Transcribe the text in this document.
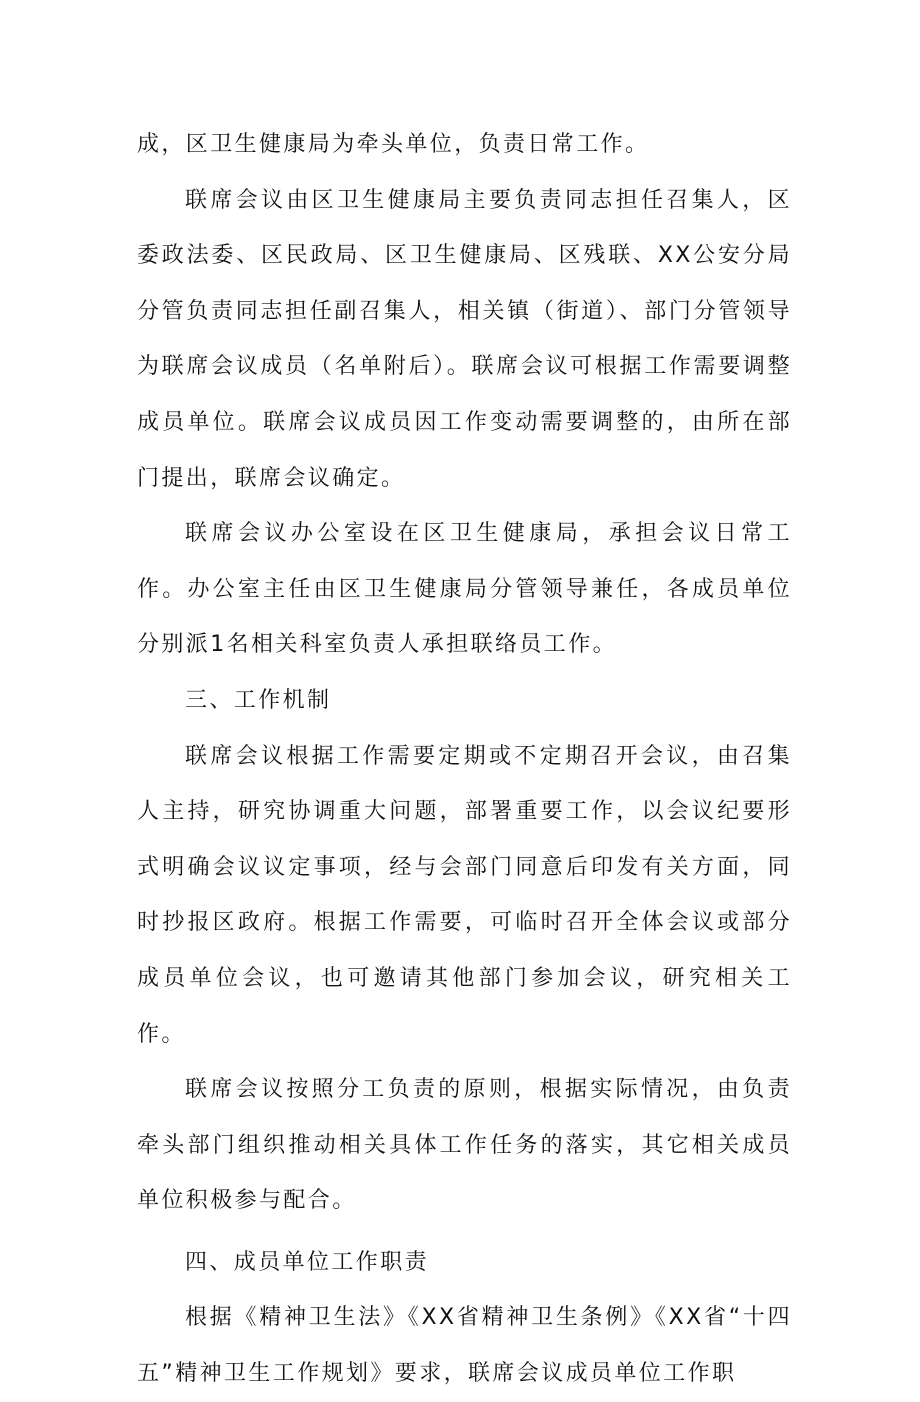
成，区卫生健康局为牵头单位，负责日常工作。

联席会议由区卫生健康局主要负责同志担任召集人，区委政法委、区民政局、区卫生健康局、区残联、XX公安分局分管负责同志担任副召集人，相关镇（街道）、部门分管领导为联席会议成员（名单附后）。联席会议可根据工作需要调整成员单位。联席会议成员因工作变动需要调整的，由所在部门提出，联席会议确定。

联席会议办公室设在区卫生健康局，承担会议日常工作。办公室主任由区卫生健康局分管领导兼任，各成员单位分别派1名相关科室负责人承担联络员工作。

三、工作机制

联席会议根据工作需要定期或不定期召开会议，由召集人主持，研究协调重大问题，部署重要工作，以会议纪要形式明确会议议定事项，经与会部门同意后印发有关方面，同时抄报区政府。根据工作需要，可临时召开全体会议或部分成员单位会议，也可邀请其他部门参加会议，研究相关工作。

联席会议按照分工负责的原则，根据实际情况，由负责牵头部门组织推动相关具体工作任务的落实，其它相关成员单位积极参与配合。

四、成员单位工作职责

根据《精神卫生法》《XX省精神卫生条例》《XX省“十四五”精神卫生工作规划》要求，联席会议成员单位工作职
